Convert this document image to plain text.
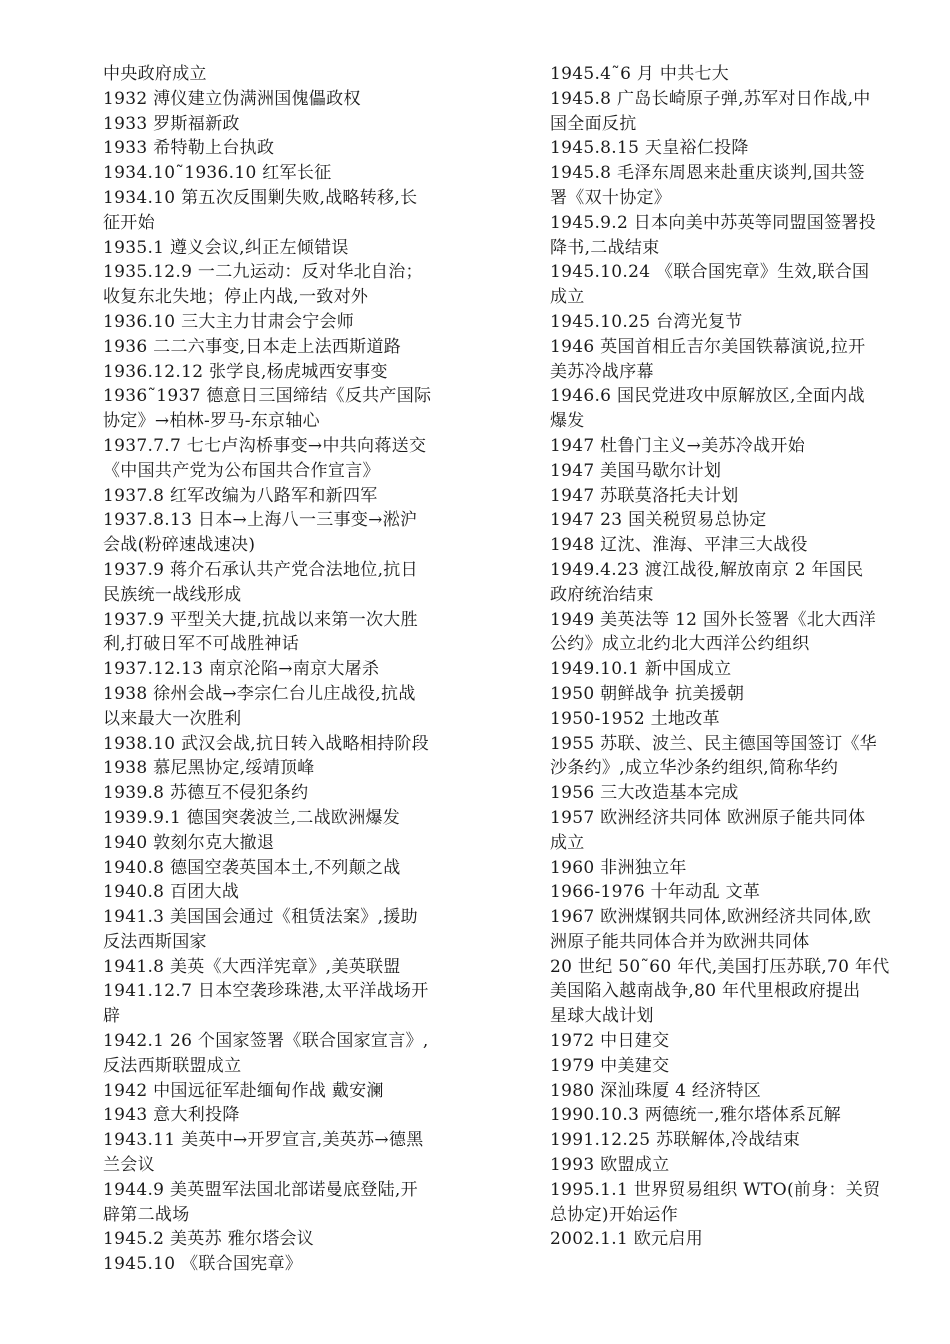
中央政府成立
1932 溥仪建立伪满洲国傀儡政权
1933 罗斯福新政
1933 希特勒上台执政
1934.10˜1936.10 红军长征
1934.10 第五次反围剿失败,战略转移,长
征开始
1935.1 遵义会议,纠正左倾错误
1935.12.9 一二九运动：反对华北自治；
收复东北失地；停止内战,一致对外
1936.10 三大主力甘肃会宁会师
1936 二二六事变,日本走上法西斯道路
1936.12.12 张学良,杨虎城西安事变
1936˜1937 德意日三国缔结《反共产国际
协定》→柏林-罗马-东京轴心
1937.7.7 七七卢沟桥事变→中共向蒋送交
《中国共产党为公布国共合作宣言》
1937.8 红军改编为八路军和新四军
1937.8.13 日本→上海八一三事变→淞沪
会战(粉碎速战速决)
1937.9 蒋介石承认共产党合法地位,抗日
民族统一战线形成
1937.9 平型关大捷,抗战以来第一次大胜
利,打破日军不可战胜神话
1937.12.13 南京沦陷→南京大屠杀
1938 徐州会战→李宗仁台儿庄战役,抗战
以来最大一次胜利
1938.10 武汉会战,抗日转入战略相持阶段
1938 慕尼黑协定,绥靖顶峰
1939.8 苏德互不侵犯条约
1939.9.1 德国突袭波兰,二战欧洲爆发
1940 敦刻尔克大撤退
1940.8 德国空袭英国本土,不列颠之战
1940.8 百团大战
1941.3 美国国会通过《租赁法案》,援助
反法西斯国家
1941.8 美英《大西洋宪章》,美英联盟
1941.12.7 日本空袭珍珠港,太平洋战场开
辟
1942.1 26 个国家签署《联合国家宣言》,
反法西斯联盟成立
1942 中国远征军赴缅甸作战 戴安澜
1943 意大利投降
1943.11 美英中→开罗宣言,美英苏→德黑
兰会议
1944.9 美英盟军法国北部诺曼底登陆,开
辟第二战场
1945.2 美英苏 雅尔塔会议
1945.10 《联合国宪章》
1945.4˜6 月 中共七大
1945.8 广岛长崎原子弹,苏军对日作战,中
国全面反抗
1945.8.15 天皇裕仁投降
1945.8 毛泽东周恩来赴重庆谈判,国共签
署《双十协定》
1945.9.2 日本向美中苏英等同盟国签署投
降书,二战结束
1945.10.24 《联合国宪章》生效,联合国
成立
1945.10.25 台湾光复节
1946 英国首相丘吉尔美国铁幕演说,拉开
美苏冷战序幕
1946.6 国民党进攻中原解放区,全面内战
爆发
1947 杜鲁门主义→美苏冷战开始
1947 美国马歇尔计划
1947 苏联莫洛托夫计划
1947 23 国关税贸易总协定
1948 辽沈、淮海、平津三大战役
1949.4.23 渡江战役,解放南京 2 年国民
政府统治结束
1949 美英法等 12 国外长签署《北大西洋
公约》成立北约北大西洋公约组织
1949.10.1 新中国成立
1950 朝鲜战争 抗美援朝
1950-1952 土地改革
1955 苏联、波兰、民主德国等国签订《华
沙条约》,成立华沙条约组织,简称华约
1956 三大改造基本完成
1957 欧洲经济共同体 欧洲原子能共同体
成立
1960 非洲独立年
1966-1976 十年动乱 文革
1967 欧洲煤钢共同体,欧洲经济共同体,欧
洲原子能共同体合并为欧洲共同体
20 世纪 50˜60 年代,美国打压苏联,70 年代
美国陷入越南战争,80 年代里根政府提出
星球大战计划
1972 中日建交
1979 中美建交
1980 深汕珠厦 4 经济特区
1990.10.3 两德统一,雅尔塔体系瓦解
1991.12.25 苏联解体,冷战结束
1993 欧盟成立
1995.1.1 世界贸易组织 WTO(前身：关贸
总协定)开始运作
2002.1.1 欧元启用
